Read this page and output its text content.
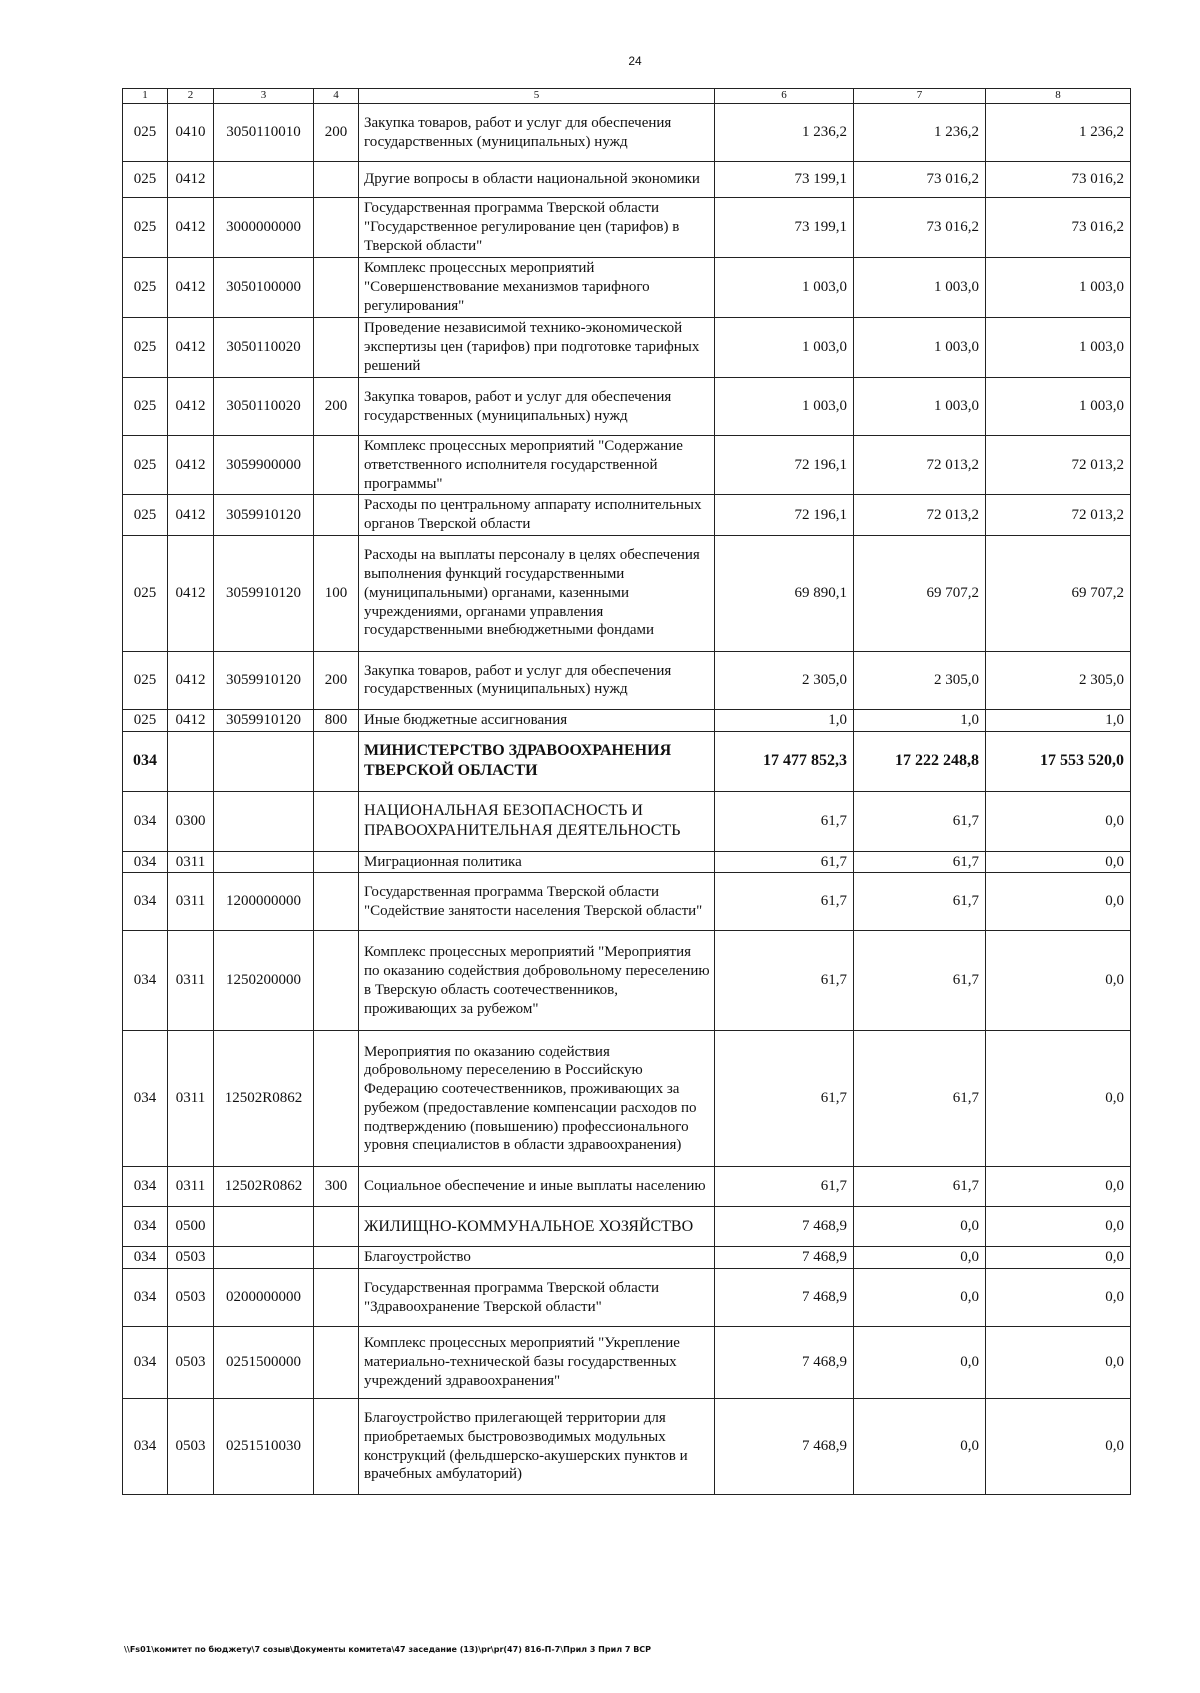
24
1	2	3	4	5	6	7	8
025	0410	3050110010	200	Закупка товаров, работ и услуг для обеспечения государственных (муниципальных) нужд	1 236,2	1 236,2	1 236,2
025	0412			Другие вопросы в области национальной экономики	73 199,1	73 016,2	73 016,2
025	0412	3000000000		Государственная программа Тверской области "Государственное регулирование цен (тарифов) в Тверской области"	73 199,1	73 016,2	73 016,2
025	0412	3050100000		Комплекс процессных мероприятий "Совершенствование механизмов тарифного регулирования"	1 003,0	1 003,0	1 003,0
025	0412	3050110020		Проведение независимой технико-экономической экспертизы цен (тарифов) при подготовке тарифных решений	1 003,0	1 003,0	1 003,0
025	0412	3050110020	200	Закупка товаров, работ и услуг для обеспечения государственных (муниципальных) нужд	1 003,0	1 003,0	1 003,0
025	0412	3059900000		Комплекс процессных мероприятий "Содержание ответственного исполнителя государственной программы"	72 196,1	72 013,2	72 013,2
025	0412	3059910120		Расходы по центральному аппарату исполнительных органов Тверской области	72 196,1	72 013,2	72 013,2
025	0412	3059910120	100	Расходы на выплаты персоналу в целях обеспечения выполнения функций государственными (муниципальными) органами, казенными учреждениями, органами управления государственными внебюджетными фондами	69 890,1	69 707,2	69 707,2
025	0412	3059910120	200	Закупка товаров, работ и услуг для обеспечения государственных (муниципальных) нужд	2 305,0	2 305,0	2 305,0
025	0412	3059910120	800	Иные бюджетные ассигнования	1,0	1,0	1,0
034				МИНИСТЕРСТВО ЗДРАВООХРАНЕНИЯ ТВЕРСКОЙ ОБЛАСТИ	17 477 852,3	17 222 248,8	17 553 520,0
034	0300			НАЦИОНАЛЬНАЯ БЕЗОПАСНОСТЬ И ПРАВООХРАНИТЕЛЬНАЯ ДЕЯТЕЛЬНОСТЬ	61,7	61,7	0,0
034	0311			Миграционная политика	61,7	61,7	0,0
034	0311	1200000000		Государственная программа Тверской области "Содействие занятости населения Тверской области"	61,7	61,7	0,0
034	0311	1250200000		Комплекс процессных мероприятий "Мероприятия по оказанию содействия добровольному переселению в Тверскую область соотечественников, проживающих за рубежом"	61,7	61,7	0,0
034	0311	12502R0862		Мероприятия по оказанию содействия добровольному переселению в Российскую Федерацию соотечественников, проживающих за рубежом (предоставление компенсации расходов по подтверждению (повышению) профессионального уровня специалистов в области здравоохранения)	61,7	61,7	0,0
034	0311	12502R0862	300	Социальное обеспечение и иные выплаты населению	61,7	61,7	0,0
034	0500			ЖИЛИЩНО-КОММУНАЛЬНОЕ ХОЗЯЙСТВО	7 468,9	0,0	0,0
034	0503			Благоустройство	7 468,9	0,0	0,0
034	0503	0200000000		Государственная программа Тверской области "Здравоохранение Тверской области"	7 468,9	0,0	0,0
034	0503	0251500000		Комплекс процессных мероприятий "Укрепление материально-технической базы государственных учреждений здравоохранения"	7 468,9	0,0	0,0
034	0503	0251510030		Благоустройство прилегающей территории для приобретаемых быстровозводимых модульных конструкций (фельдшерско-акушерских пунктов и врачебных амбулаторий)	7 468,9	0,0	0,0
\\Fs01\комитет по бюджету\7 созыв\Документы комитета\47 заседание (13)\pr\pr(47) 816-П-7\Прил 3 Прил 7 ВСР
